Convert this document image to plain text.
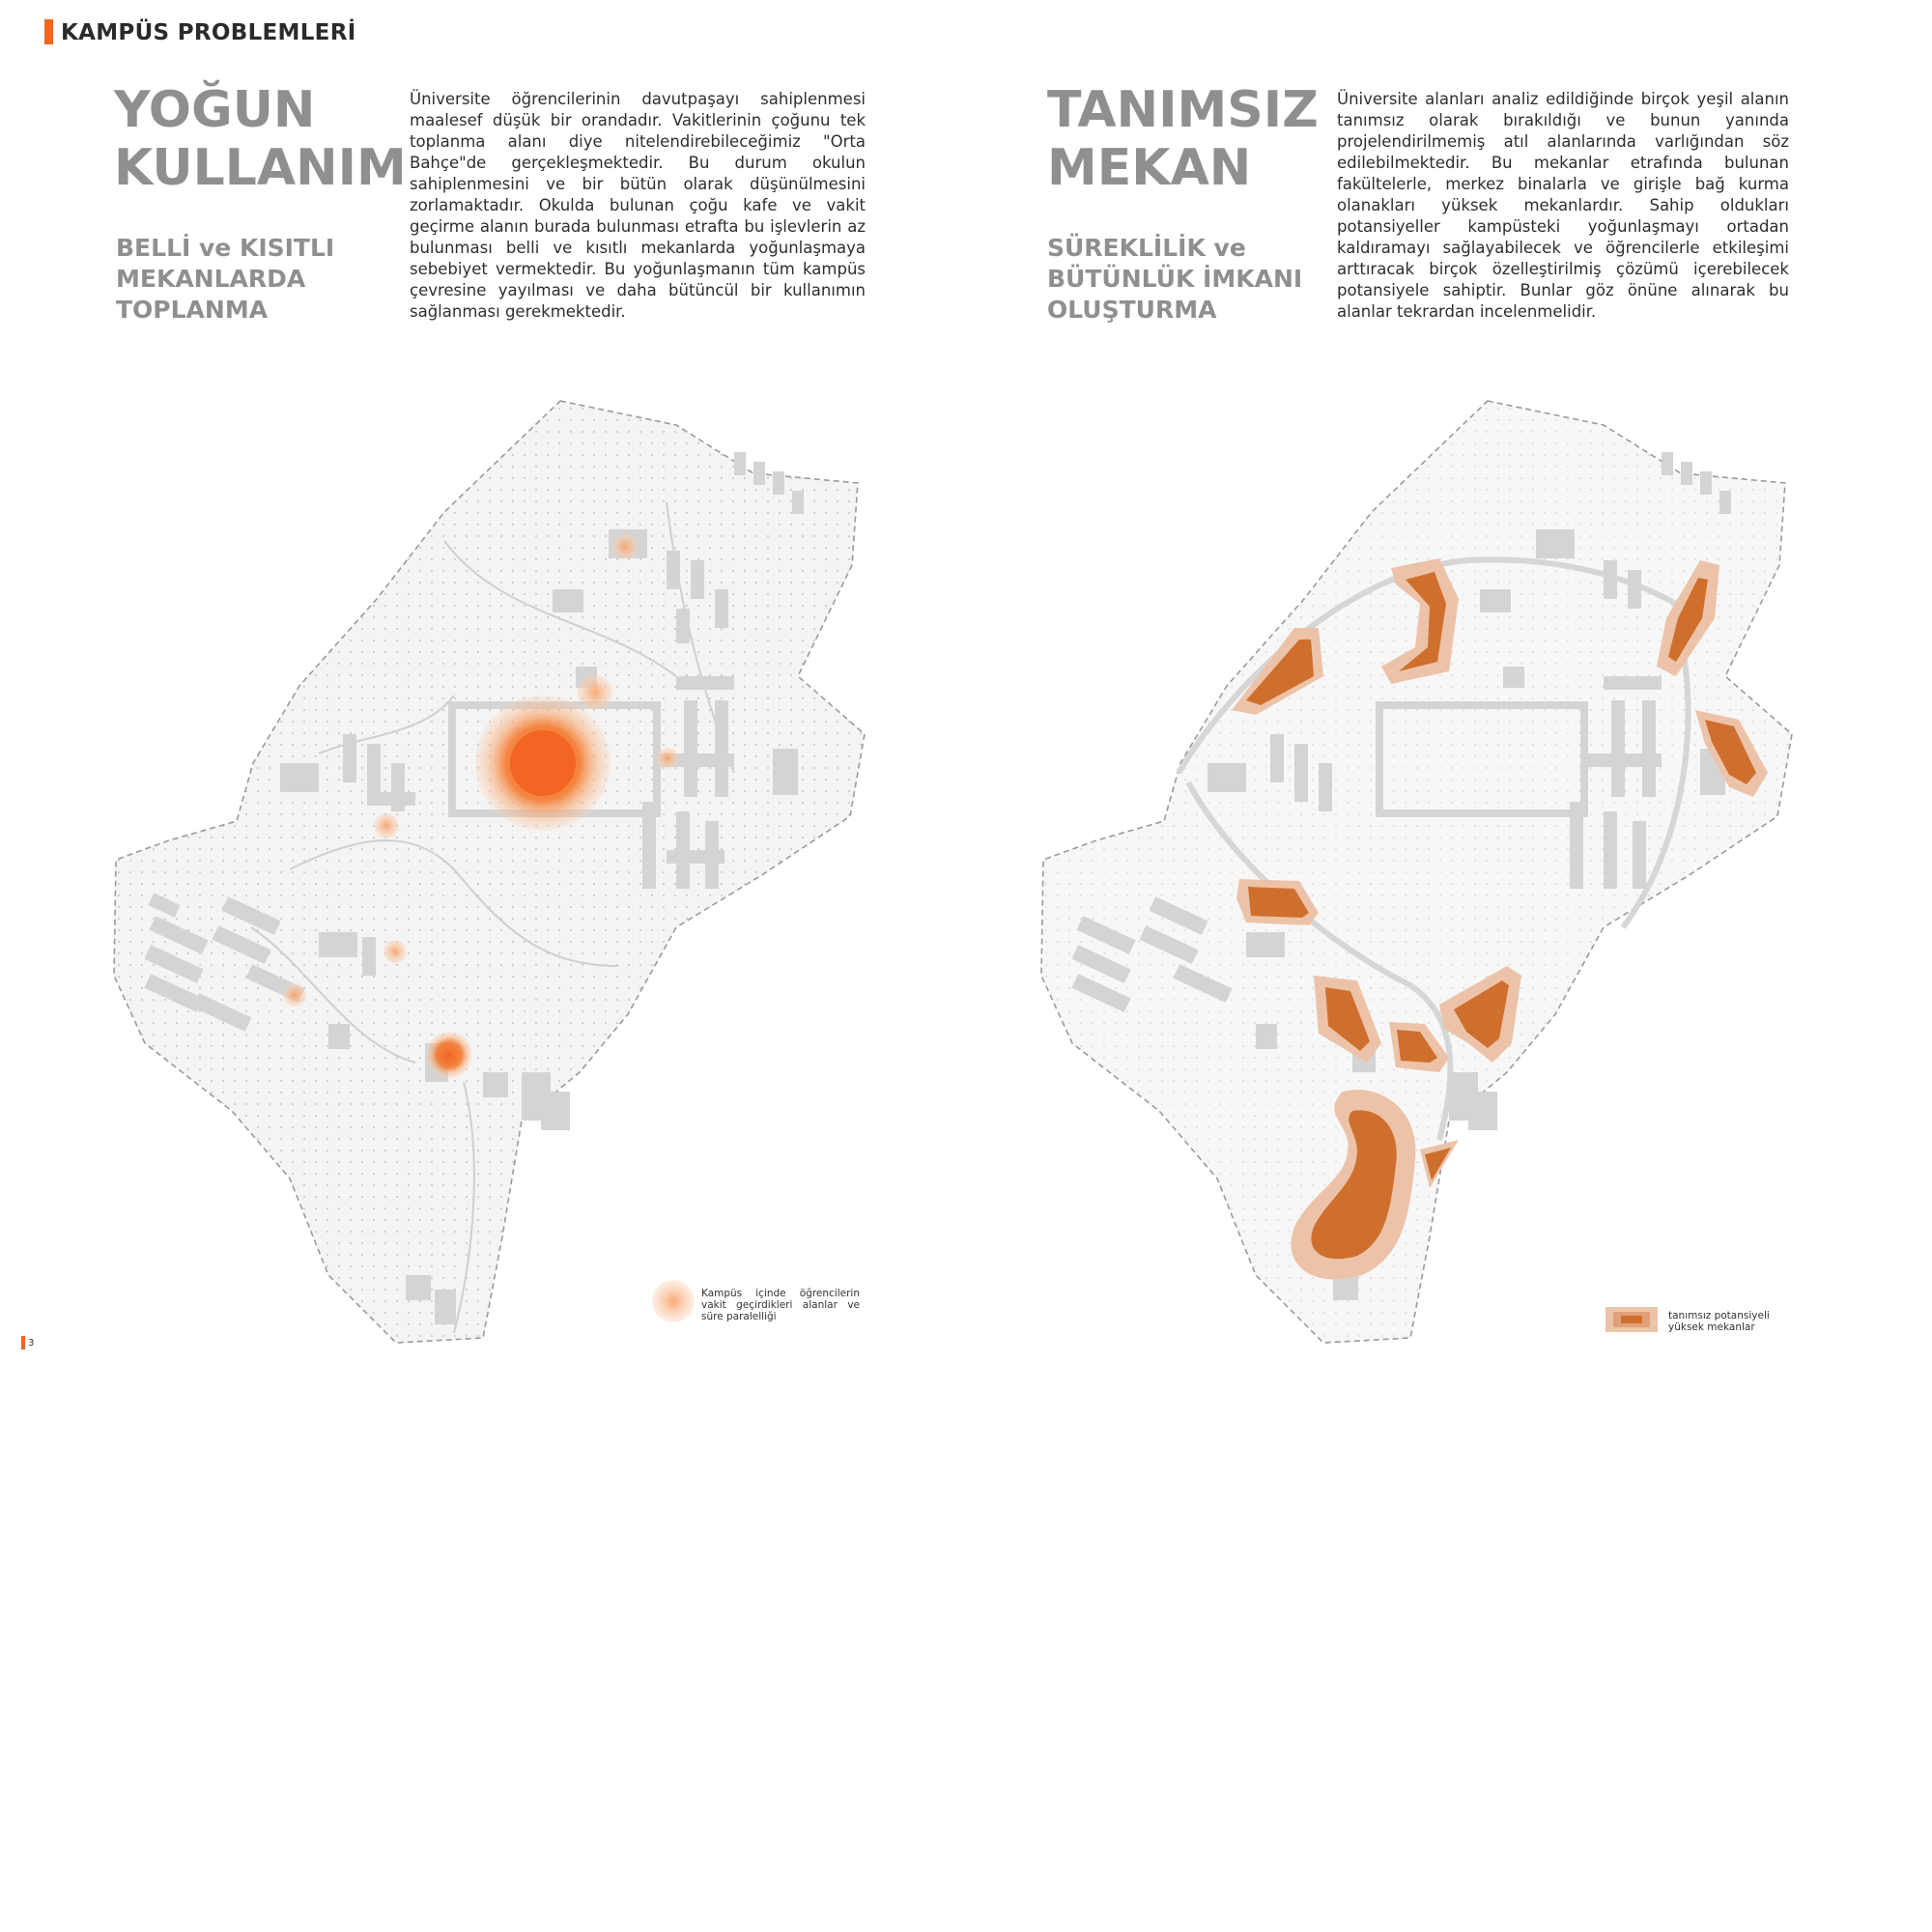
KAMPÜS PROBLEMLERİ
YOĞUN
KULLANIM
BELLİ ve KISITLI
MEKANLARDA
TOPLANMA

Üniversite öğrencilerinin davutpaşayı sahiplenmesi maalesef düşük bir orandadır. Vakitlerinin çoğunu tek toplanma alanı diye nitelendirebileceğimiz "Orta Bahçe"de gerçekleşmektedir. Bu durum okulun sahiplenmesini ve bir bütün olarak düşünülmesini zorlamaktadır. Okulda bulunan çoğu kafe ve vakit geçirme alanın burada bulunması etrafta bu işlevlerin az bulunması belli ve kısıtlı mekanlarda yoğunlaşmaya sebebiyet vermektedir. Bu yoğunlaşmanın tüm kampüs çevresine yayılması ve daha bütüncül bir kullanımın sağlanması gerekmektedir.

TANIMSIZ
MEKAN
SÜREKLİLİK ve
BÜTÜNLÜK İMKANI
OLUŞTURMA

Üniversite alanları analiz edildiğinde birçok yeşil alanın tanımsız olarak bırakıldığı ve bunun yanında projelendirilmemiş atıl alanlarında varlığından söz edilebilmektedir. Bu mekanlar etrafında bulunan fakültelerle, merkez binalarla ve girişle bağ kurma olanakları yüksek mekanlardır. Sahip oldukları potansiyeller kampüsteki yoğunlaşmayı ortadan kaldıramayı sağlayabilecek ve öğrencilerle etkileşimi arttıracak birçok özelleştirilmiş çözümü içerebilecek potansiyele sahiptir. Bunlar göz önüne alınarak bu alanlar tekrardan incelenmelidir.

Kampüs içinde öğrencilerin vakit geçirdikleri alanlar ve süre paralelliği	tanımsız potansiyeli yüksek mekanlar
3
